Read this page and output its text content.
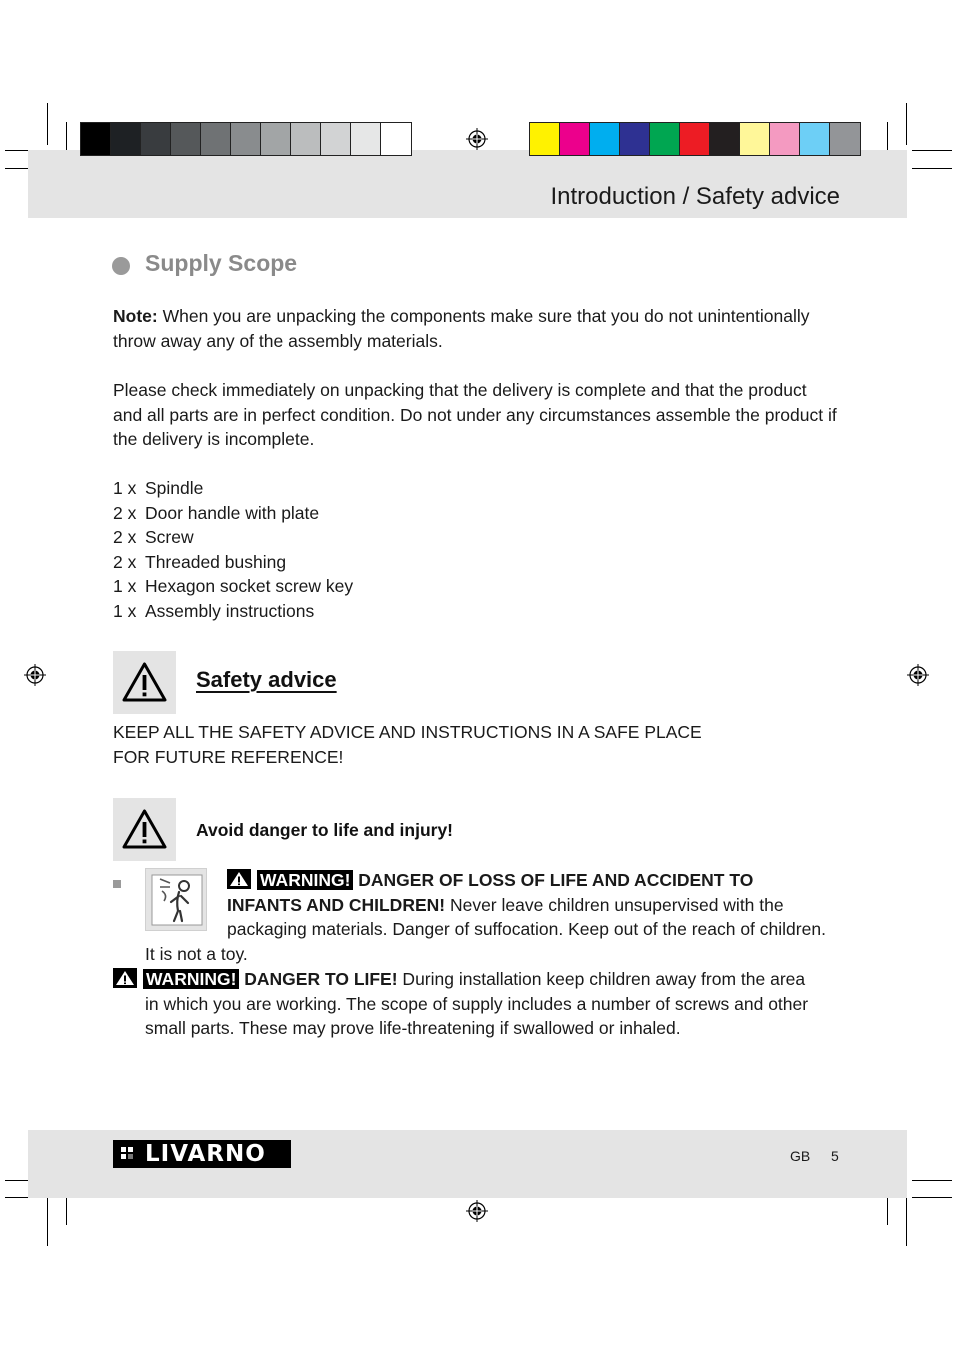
Introduction / Safety advice
Supply Scope
Note: When you are unpacking the components make sure that you do not unintentionally throw away any of the assembly materials.
Please check immediately on unpacking that the delivery is complete and that the product and all parts are in perfect condition. Do not under any circumstances assemble the product if the delivery is incomplete.
1 x Spindle
2 x Door handle with plate
2 x Screw
2 x Threaded bushing
1 x Hexagon socket screw key
1 x Assembly instructions
Safety advice
KEEP ALL THE SAFETY ADVICE AND INSTRUCTIONS IN A SAFE PLACE
FOR FUTURE REFERENCE!
Avoid danger to life and injury!
WARNING! DANGER OF LOSS OF LIFE AND ACCIDENT TO
INFANTS AND CHILDREN! Never leave children unsupervised with the
packaging materials. Danger of suffocation. Keep out of the reach of children.
It is not a toy.
WARNING! DANGER TO LIFE! During installation keep children away from the area
in which you are working. The scope of supply includes a number of screws and other
small parts. These may prove life-threatening if swallowed or inhaled.
LIVARNO	GB 5
